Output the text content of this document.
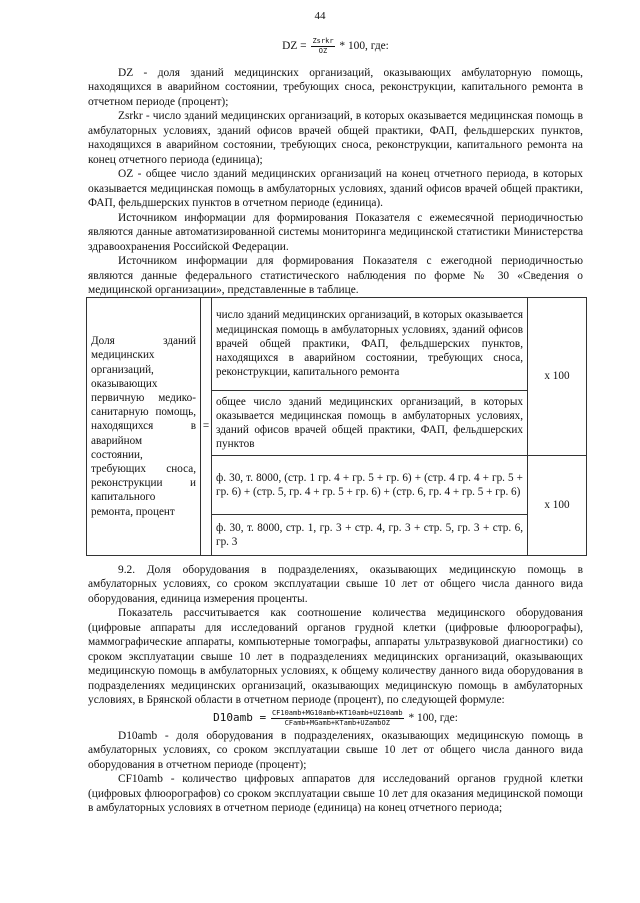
44
DZ = $\frac{\text{Zsrkr}}{OZ} * 100$, где:

DZ - доля зданий медицинских организаций, оказывающих амбулаторную помощь, находящихся в аварийном состоянии, требующих сноса, реконструкции, капитального ремонта в отчетном периоде (процент);

Zsrkr - число зданий медицинских организаций, в которых оказывается медицинская помощь в амбулаторных условиях, зданий офисов врачей общей практики, ФАП, фельдшерских пунктов, находящихся в аварийном состоянии, требующих сноса, реконструкции, капитального ремонта на конец отчетного периода (единица);

OZ - общее число зданий медицинских организаций на конец отчетного периода, в которых оказывается медицинская помощь в амбулаторных условиях, зданий офисов врачей общей практики, ФАП, фельдшерских пунктов в отчетном периоде (единица).

Источником информации для формирования Показателя с ежемесячной периодичностью являются данные автоматизированной системы мониторинга медицинской статистики Министерства здравоохранения Российской Федерации.

Источником информации для формирования Показателя с ежегодной периодичностью являются данные федерального статистического наблюдения по форме № 30 «Сведения о медицинской организации», представленные в таблице.

Доля зданий медицинских организаций, оказывающих первичную медико-санитарную помощь, находящихся в аварийном состоянии, требующих сноса, реконструкции и капитального ремонта, процент	=	число зданий медицинских организаций, в которых оказывается медицинская помощь в амбулаторных условиях, зданий офисов врачей общей практики, ФАП, фельдшерских пунктов, находящихся в аварийном состоянии, требующих сноса, реконструкции, капитального ремонта	x 100
		общее число зданий медицинских организаций, в которых оказывается медицинская помощь в амбулаторных условиях, зданий офисов врачей общей практики, ФАП, фельдшерских пунктов	
		ф. 30, т. 8000, (стр. 1 гр. 4 + гр. 5 + гр. 6) + (стр. 4 гр. 4 + гр. 5 + гр. 6) + (стр. 5, гр. 4 + гр. 5 + гр. 6) + (стр. 6, гр. 4 + гр. 5 + гр. 6)	x 100
		ф. 30, т. 8000, стр. 1, гр. 3 + стр. 4, гр. 3 + стр. 5, гр. 3 + стр. 6, гр. 3	

9.2. Доля оборудования в подразделениях, оказывающих медицинскую помощь в амбулаторных условиях, со сроком эксплуатации свыше 10 лет от общего числа данного вида оборудования, единица измерения проценты.

Показатель рассчитывается как соотношение количества медицинского оборудования (цифровые аппараты для исследований органов грудной клетки (цифровые флюорографы), маммографические аппараты, компьютерные томографы, аппараты ультразвуковой диагностики) со сроком эксплуатации свыше 10 лет в подразделениях медицинских организаций, оказывающих медицинскую помощь в амбулаторных условиях, к общему количеству данного вида оборудования в подразделениях медицинских организаций, оказывающих медицинскую помощь в амбулаторных условиях, в Брянской области в отчетном периоде (процент), по следующей формуле:

$D10amb = \frac{\text{CF10amb+MG10amb+KT10amb+UZ10amb}}{\text{CFamb+MGamb+KTamb+UZambOZ}} * 100$, где:

D10amb - доля оборудования в подразделениях, оказывающих медицинскую помощь в амбулаторных условиях, со сроком эксплуатации свыше 10 лет от общего числа данного вида оборудования в отчетном периоде (процент);

CF10amb - количество цифровых аппаратов для исследований органов грудной клетки (цифровых флюорографов) со сроком эксплуатации свыше 10 лет для оказания медицинской помощи в амбулаторных условиях в отчетном периоде (единица) на конец отчетного периода;
